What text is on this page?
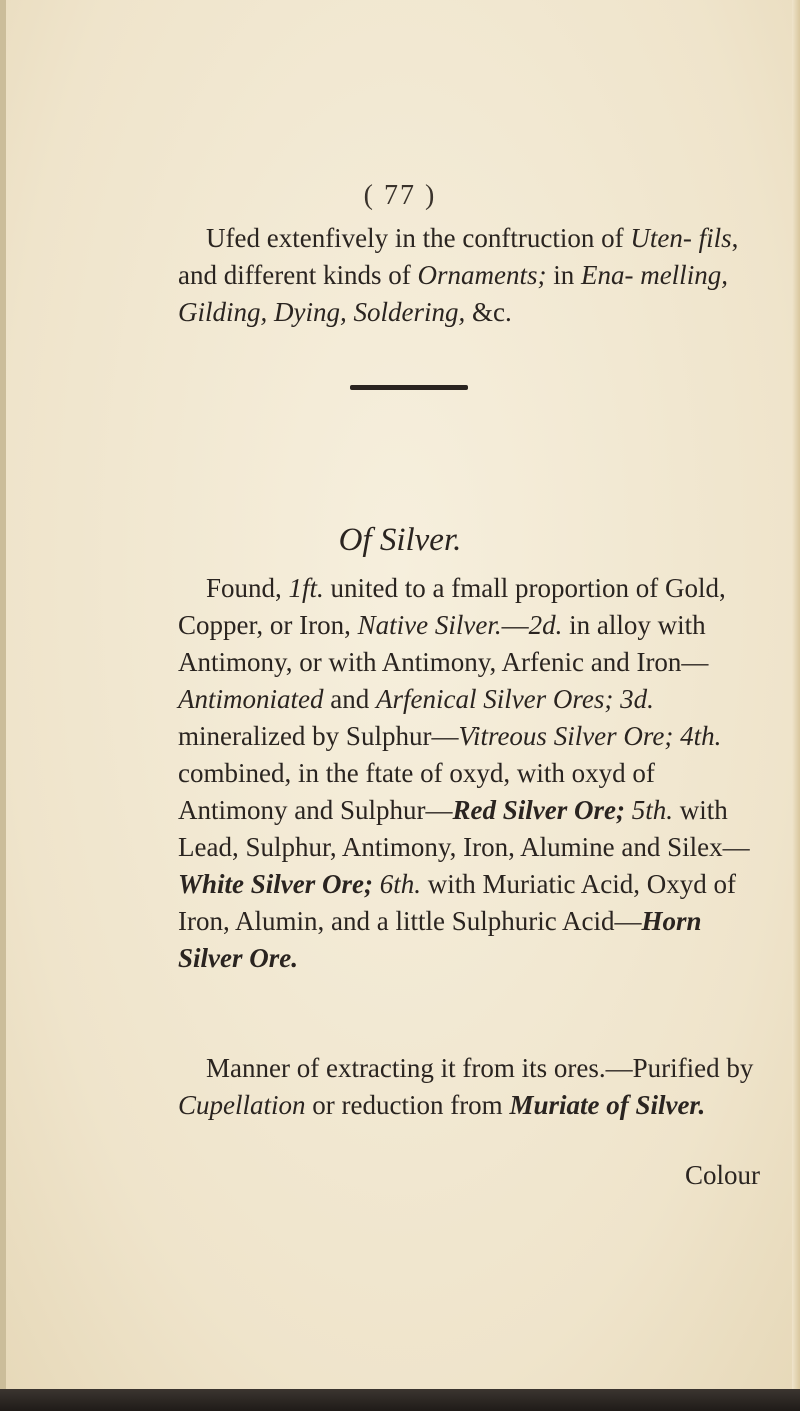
( 77 )
Ufed extenfively in the conftruction of Uten- fils, and different kinds of Ornaments; in Ena- melling, Gilding, Dying, Soldering, &c.
Of Silver.
Found, 1ft. united to a fmall proportion of Gold, Copper, or Iron, Native Silver.—2d. in alloy with Antimony, or with Antimony, Arfenic and Iron—Antimoniated and Arfenical Silver Ores; 3d. mineralized by Sulphur—Vitreous Silver Ore; 4th. combined, in the ftate of oxyd, with oxyd of Antimony and Sulphur—Red Silver Ore; 5th. with Lead, Sulphur, Antimony, Iron, Alumine and Silex—White Silver Ore; 6th. with Muriatic Acid, Oxyd of Iron, Alumin, and a little Sulphuric Acid—Horn Silver Ore.
Manner of extracting it from its ores.—Purified by Cupellation or reduction from Muriate of Silver.
Colour
